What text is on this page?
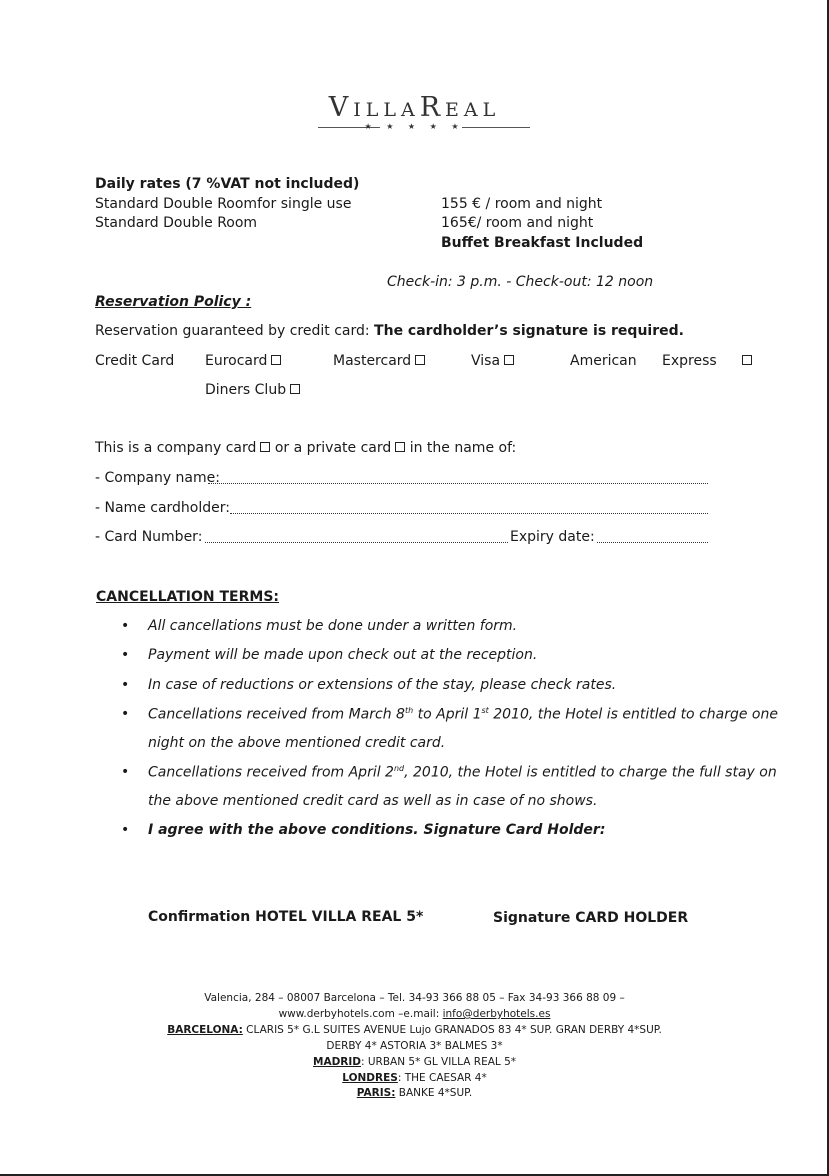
VillaReal
★ ★ ★ ★ ★
Daily rates (7 %VAT not included)
Standard Double Roomfor single use	155 € / room and night
Standard Double Room	165€/ room and night
Buffet Breakfast Included
Check-in: 3 p.m. - Check-out: 12 noon
Reservation Policy :
Reservation guaranteed by credit card: The cardholder’s signature is required.
Credit Card Eurocard	Mastercard	Visa	American Express
Diners Club
This is a company card or a private card in the name of:
- Company name:
- Name cardholder:
- Card Number:	Expiry date:
CANCELLATION TERMS:
• All cancellations must be done under a written form.
• Payment will be made upon check out at the reception.
• In case of reductions or extensions of the stay, please check rates.
• Cancellations received from March 8th to April 1st 2010, the Hotel is entitled to charge one
night on the above mentioned credit card.
• Cancellations received from April 2nd, 2010, the Hotel is entitled to charge the full stay on
the above mentioned credit card as well as in case of no shows.
• I agree with the above conditions. Signature Card Holder:
Confirmation HOTEL VILLA REAL 5*	Signature CARD HOLDER
Valencia, 284 – 08007 Barcelona – Tel. 34-93 366 88 05 – Fax 34-93 366 88 09 –
www.derbyhotels.com –e.mail: info@derbyhotels.es
BARCELONA: CLARIS 5* G.L SUITES AVENUE Lujo GRANADOS 83 4* SUP. GRAN DERBY 4*SUP.
DERBY 4* ASTORIA 3* BALMES 3*
MADRID: URBAN 5* GL VILLA REAL 5*
LONDRES: THE CAESAR 4*
PARIS: BANKE 4*SUP.
